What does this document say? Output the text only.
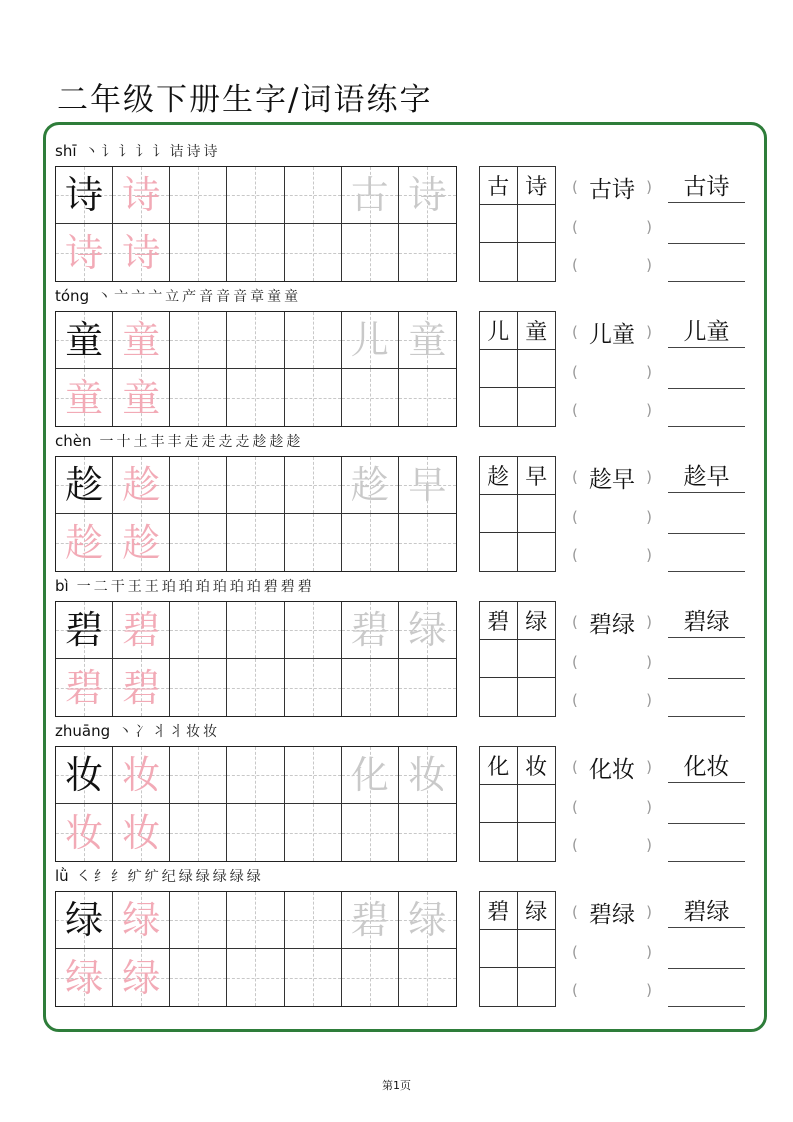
二年级下册生字/词语练字
shī 丶 讠 讠 讠 讠 诘 诗 诗
诗 诗	古 诗
诗 诗
古 诗 ( 古诗 )
(	)
(	)
古诗
tóng 丶 亠 亠 亠 立 产 音 音 音 章 童 童
童 童	儿 童
童 童
儿 童 ( 儿童 )
(	)
(	)
儿童
chèn 一 十 土 丰 丰 走 走 赱 赱 趁 趁 趁
趁 趁	趁 早
趁 趁
趁 早 ( 趁早 )
(	)
(	)
趁早
bì 一 二 干 王 王 珀 珀 珀 珀 珀 珀 碧 碧 碧
碧 碧	碧 绿
碧 碧
碧 绿 ( 碧绿 )
(	)
(	)
碧绿
zhuāng 丶 冫 丬 丬 妆 妆
妆 妆	化 妆
妆 妆
化 妆 ( 化妆 )
(	)
(	)
化妆
lǜ ㇛ 纟 纟 纩 纩 纪 绿 绿 绿 绿 绿
绿 绿	碧 绿
绿 绿
碧 绿 ( 碧绿 )
(	)
(	)
碧绿
第1页
